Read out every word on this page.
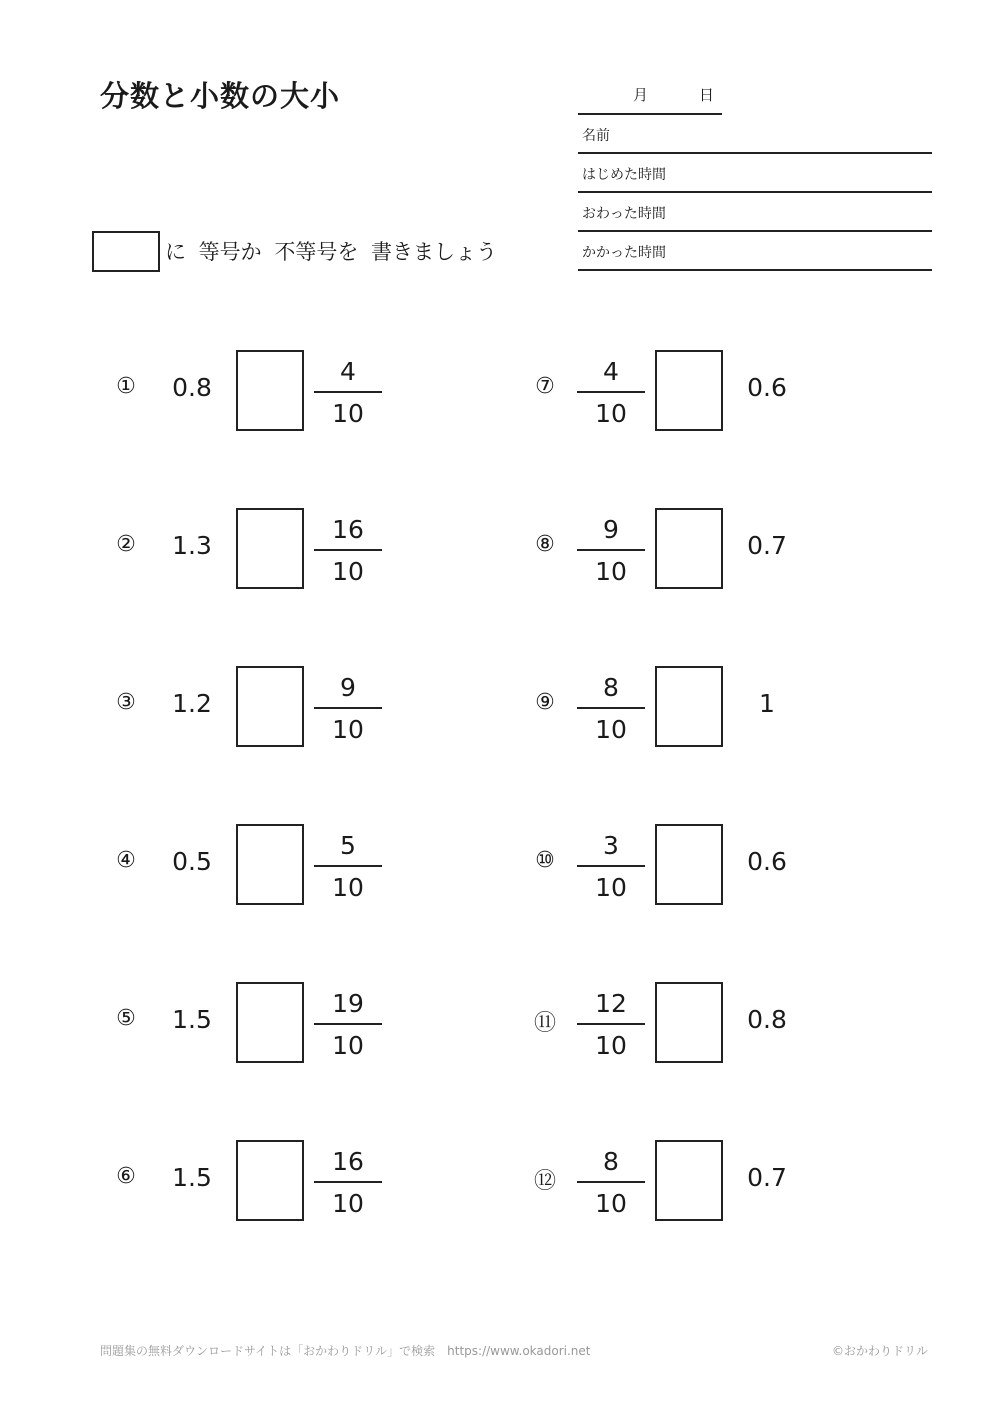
分数と小数の大小	月	日
名前
はじめた時間
おわった時間
かかった時間
に 等号か 不等号を 書きましょう
①	0.8
4
10
②	1.3
16
10
③	1.2
9
10
④	0.5
5
10
⑤	1.5
19
10
⑥	1.5
16
10
⑦
4
10
0.6
⑧
9
10
0.7
⑨
8
10
1
⑩
3
10
0.6
⑪
12
10
0.8
⑫
8
10
0.7
問題集の無料ダウンロードサイトは「おかわりドリル」で検索　https://www.okadori.net	©おかわりドリル
